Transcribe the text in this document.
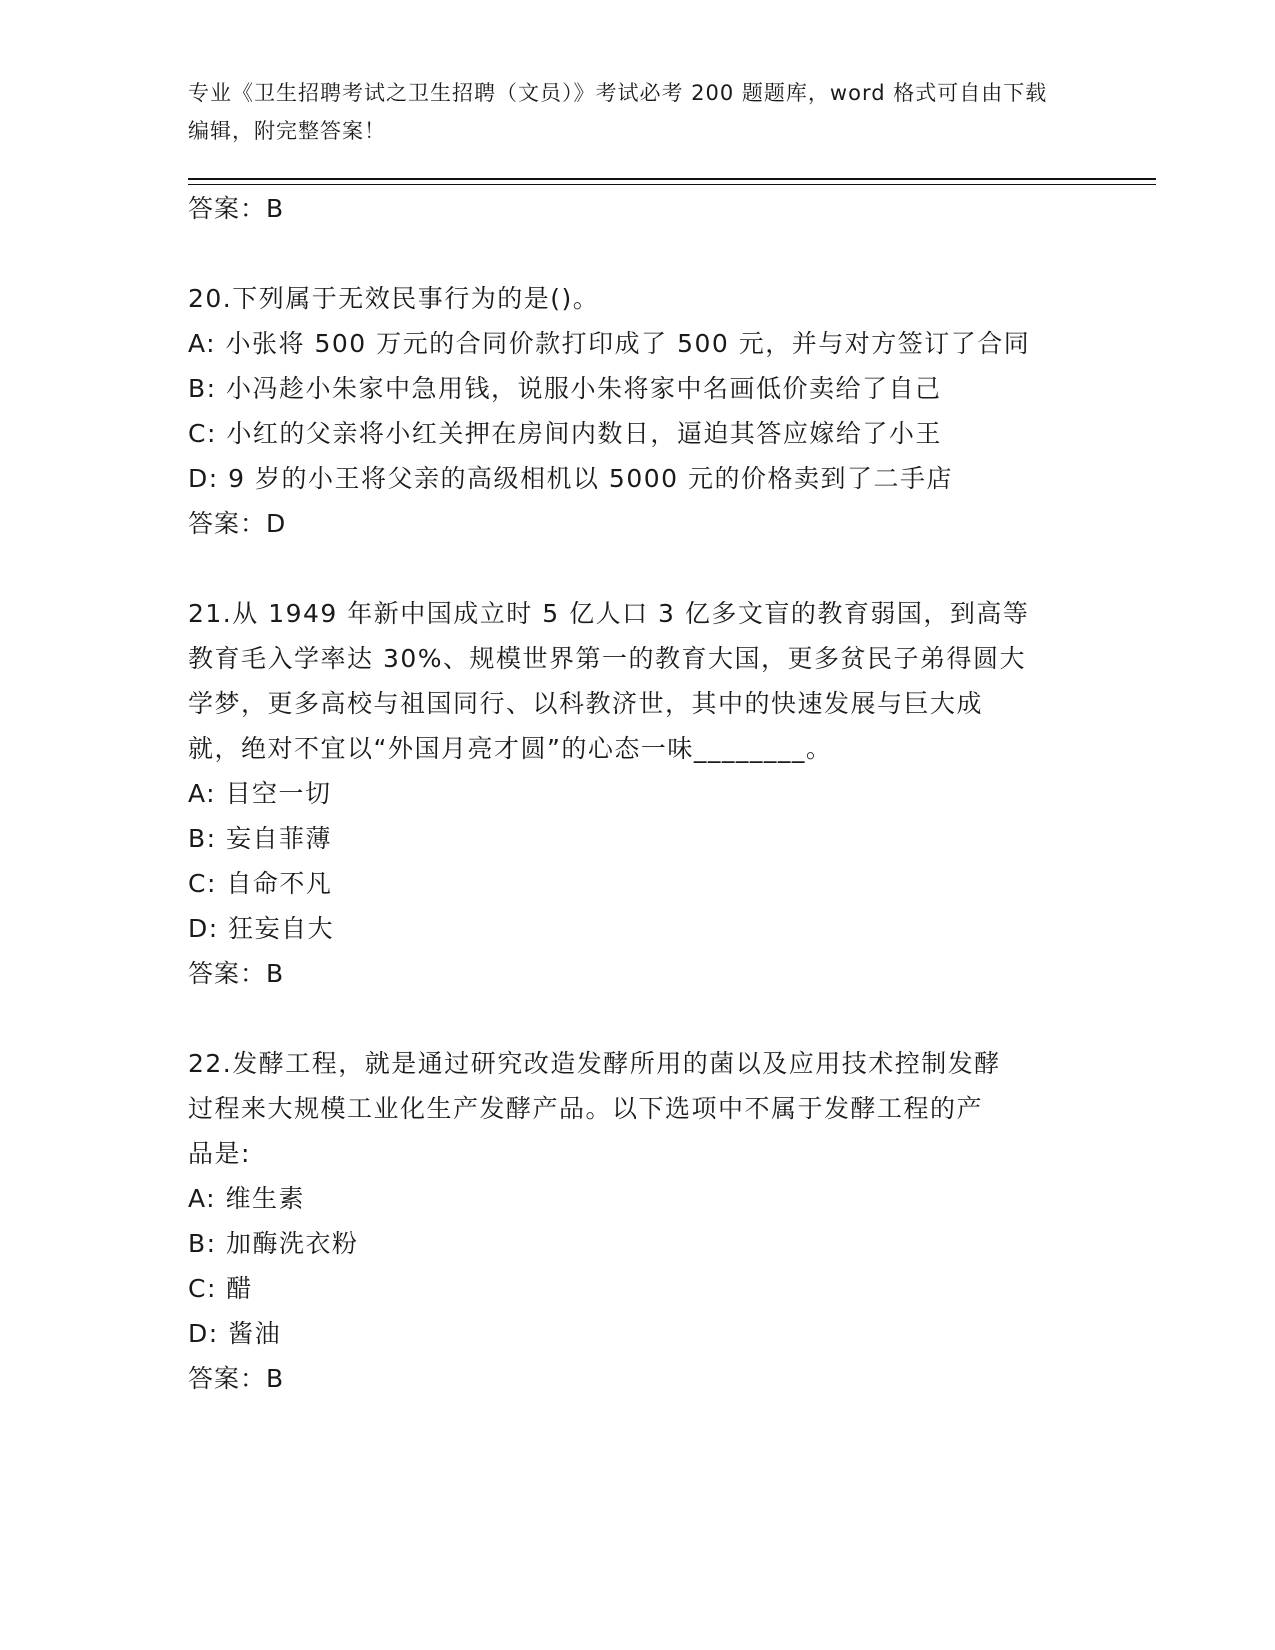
专业《卫生招聘考试之卫生招聘（文员）》考试必考 200 题题库，word 格式可自由下载编辑，附完整答案！
答案：B
20.下列属于无效民事行为的是()。
A: 小张将 500 万元的合同价款打印成了 500 元，并与对方签订了合同
B: 小冯趁小朱家中急用钱，说服小朱将家中名画低价卖给了自己
C: 小红的父亲将小红关押在房间内数日，逼迫其答应嫁给了小王
D: 9 岁的小王将父亲的高级相机以 5000 元的价格卖到了二手店
答案：D
21.从 1949 年新中国成立时 5 亿人口 3 亿多文盲的教育弱国，到高等
教育毛入学率达 30%、规模世界第一的教育大国，更多贫民子弟得圆大
学梦，更多高校与祖国同行、以科教济世，其中的快速发展与巨大成
就，绝对不宜以“外国月亮才圆”的心态一味________。
A: 目空一切
B: 妄自菲薄
C: 自命不凡
D: 狂妄自大
答案：B
22.发酵工程，就是通过研究改造发酵所用的菌以及应用技术控制发酵
过程来大规模工业化生产发酵产品。以下选项中不属于发酵工程的产
品是:
A: 维生素
B: 加酶洗衣粉
C: 醋
D: 酱油
答案：B
